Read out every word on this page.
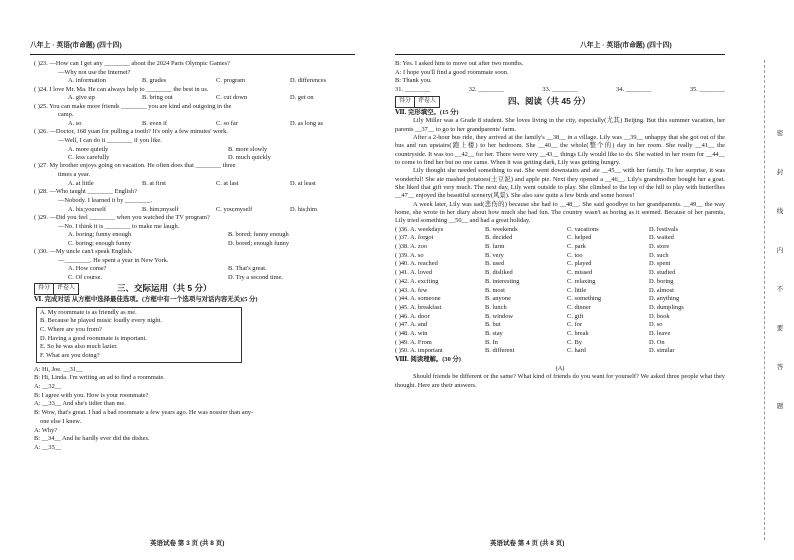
八年上 · 英语(市命题) (四十四)
( )23. —How can I get any ________ about the 2024 Paris Olympic Games?
—Why not use the Internet?
A. information	B. grades	C. program	D. differences
( )24. I love Mr. Ma. He can always help to ________ the best in us.
A. give up	B. bring out	C. cut down	D. get on
( )25. You can make more friends ________ you are kind and outgoing in the
camp.
A. so	B. even if	C. so far	D. as long as
( )26. —Doctor, 168 yuan for pulling a tooth? It's only a few minutes' work.
—Well, I can do it ________ if you like.
A. more quietly	B. more slowly
C. less carefully	D. much quickly
( )27. My brother enjoys going on vacation. He often does that ________ three
times a year.
A. at little	B. at first	C. at last	D. at least
( )28. —Who taught ________ English?
—Nobody. I learned it by ________.
A. his;yourself	B. him;myself	C. you;myself	D. his;him
( )29. —Did you feel ________ when you watched the TV program?
—No. I think it is ________ to make me laugh.
A. boring; funny enough	B. bored; funny enough
C. boring; enough funny	D. bored; enough funny
( )30. —My uncle can't speak English.
—________. He spent a year in New York.
A. How come?	B. That's great.
C. Of course.	D. Try a second time.
得分	评卷人	三、交际运用（共 5 分）
Ⅵ. 完成对话 从方框中选择最佳选项。(方框中有一个选项与对话内容无关)(5 分)
A. My roommate is as friendly as me.
B. Because he played music loudly every night.
C. Where are you from?
D. Having a good roommate is important.
E. So he was also much lazier.
F. What are you doing?
A: Hi, Joe. __31__
B: Hi, Linda. I'm writing an ad to find a roommate.
A: __32__
B: I agree with you. How is your roommate?
A: __33__ And she's tidier than me.
B: Wow, that's great. I had a bad roommate a few years ago. He was nossier than any-
one else I knew.
A: Why?
B: __34__ And he hardly ever did the dishes.
A: __35__
英语试卷 第 3 页 (共 8 页)
八年上 · 英语(市命题) (四十四)
B: Yes. I asked him to move out after two months.
A: I hope you'll find a good roommate soon.
B: Thank you.
31. ________	32. ________	33. ________	34. ________	35. ________
得分	评卷人	四、阅读（共 45 分）
Ⅶ. 完形填空。(15 分)
Lily Miller was a Grade 8 student. She loves living in the city, especially(尤其) Beijing. But this summer vacation, her parents __37__ to go to her grandparents' farm.
After a 2-hour bus ride, they arrived at the family's __38__ in a village. Lily was __39__ unhappy that she got out of the bus and ran upstairs(跑上楼) to her bedroom. She __40__ the whole(整个的) day in her room. She really __41__ the countryside. It was too __42__ for her. There were very __43__ things Lily would like to do. She waited in her room for __44__ to come to find her but no one came. When it was getting dark, Lily was getting hungry.
Lily thought she needed something to eat. She went downstairs and ate __45__ with her family. To her surprise, it was wonderful! She ate mashed potatoes(土豆泥) and apple pie. Next they opened a __46__. Lily's grandmother bought her a goat. She liked that gift very much. The next day, Lily went outside to play. She climbed to the top of the hill to play with butterflies __47__ enjoyed the beautiful scenery(风景). She also saw quite a few birds and some horses!
A week later, Lily was sad(悲伤的) because she had to __48__. She said goodbye to her grandparents. __49__ the way home, she wrote in her diary about how much she had fun. The country wasn't as boring as it seemed. Because of her parents, Lily tried something __50__ and had a great holiday.
( )36. A. weekdays	B. weekends	C. vacations	D. festivals
( )37. A. forgot	B. decided	C. helped	D. waited
( )38. A. zoo	B. farm	C. park	D. store
( )39. A. so	B. very	C. too	D. such
( )40. A. reached	B. used	C. played	D. spent
( )41. A. loved	B. disliked	C. missed	D. studied
( )42. A. exciting	B. interesting	C. relaxing	D. boring
( )43. A. few	B. most	C. little	D. almost
( )44. A. someone	B. anyone	C. something	D. anything
( )45. A. breakfast	B. lunch	C. dinner	D. dumplings
( )46. A. door	B. window	C. gift	D. book
( )47. A. and	B. but	C. for	D. so
( )48. A. win	B. stay	C. break	D. leave
( )49. A. From	B. In	C. By	D. On
( )50. A. important	B. different	C. hard	D. similar
Ⅷ. 阅读理解。(30 分)
(A)
Should friends be different or the same? What kind of friends do you want for yourself? We asked three people what they thought. Here are their answers.
英语试卷 第 4 页 (共 8 页)
密
封
线
内
不
要
答
题
